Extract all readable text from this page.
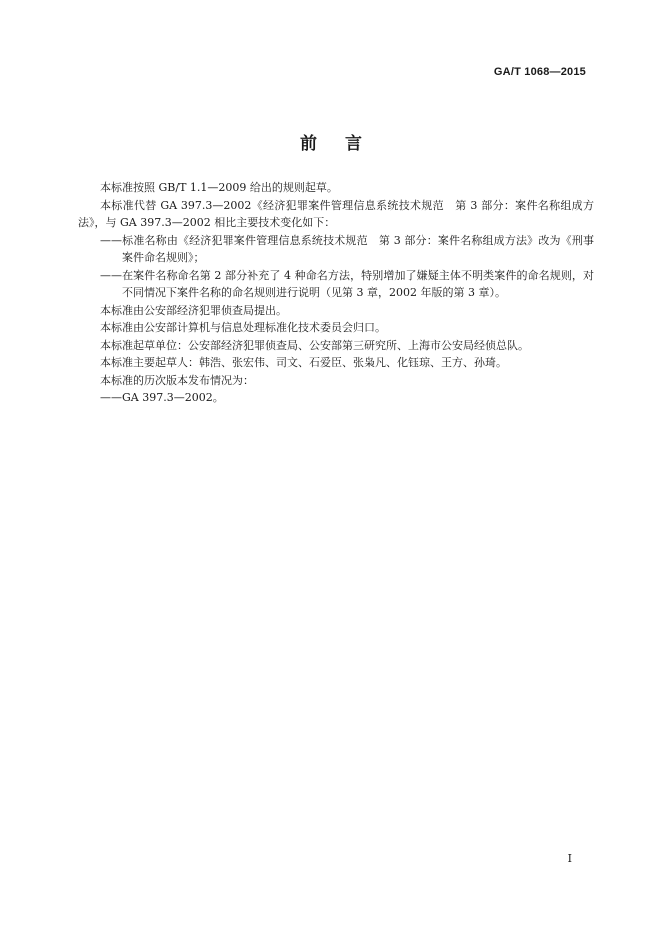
GA/T 1068—2015
前言

本标准按照 GB/T 1.1—2009 给出的规则起草。

本标准代替 GA 397.3—2002《经济犯罪案件管理信息系统技术规范　第 3 部分：案件名称组成方法》，与 GA 397.3—2002 相比主要技术变化如下：

——标准名称由《经济犯罪案件管理信息系统技术规范　第 3 部分：案件名称组成方法》改为《刑事案件命名规则》；

——在案件名称命名第 2 部分补充了 4 种命名方法，特别增加了嫌疑主体不明类案件的命名规则，对不同情况下案件名称的命名规则进行说明（见第 3 章，2002 年版的第 3 章）。

本标准由公安部经济犯罪侦查局提出。

本标准由公安部计算机与信息处理标准化技术委员会归口。

本标准起草单位：公安部经济犯罪侦查局、公安部第三研究所、上海市公安局经侦总队。

本标准主要起草人：韩浩、张宏伟、司文、石爱臣、张枭凡、化钰琼、王方、孙琦。

本标准的历次版本发布情况为：

——GA 397.3—2002。

I
